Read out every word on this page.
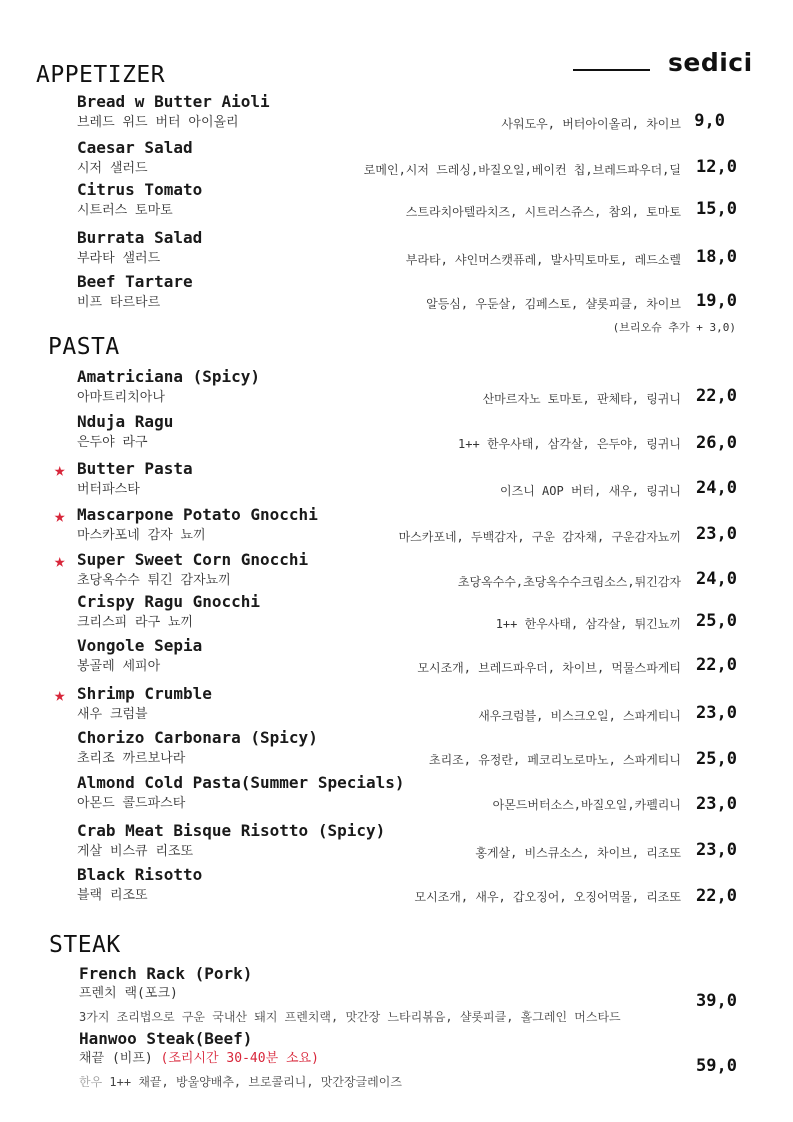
sedici
APPETIZER
Bread w Butter Aioli
브레드 위드 버터 아이올리	사워도우, 버터아이올리, 차이브 9,0
Caesar Salad
시저 샐러드	로메인,시저 드레싱,바질오일,베이컨 칩,브레드파우더,딜 12,0
Citrus Tomato
시트러스 토마토	스트라치아텔라치즈, 시트러스쥬스, 참외, 토마토 15,0
Burrata Salad
부라타 샐러드	부라타, 샤인머스캣퓨레, 발사믹토마토, 레드소렐 18,0
Beef Tartare
비프 타르타르	알등심, 우둔살, 김페스토, 샬롯피클, 차이브 19,0
(브리오슈 추가 + 3,0)
PASTA
Amatriciana (Spicy)
아마트리치아나	산마르자노 토마토, 판체타, 링귀니 22,0
Nduja Ragu
은두야 라구	1++ 한우사태, 삼각살, 은두야, 링귀니 26,0
★ Butter Pasta
버터파스타	이즈니 AOP 버터, 새우, 링귀니 24,0
★ Mascarpone Potato Gnocchi
마스카포네 감자 뇨끼	마스카포네, 두백감자, 구운 감자채, 구운감자뇨끼 23,0
★ Super Sweet Corn Gnocchi
초당옥수수 튀긴 감자뇨끼	초당옥수수,초당옥수수크림소스,튀긴감자 24,0
Crispy Ragu Gnocchi
크리스피 라구 뇨끼	1++ 한우사태, 삼각살, 튀긴뇨끼 25,0
Vongole Sepia
봉골레 세피아	모시조개, 브레드파우더, 차이브, 먹물스파게티 22,0
★ Shrimp Crumble
새우 크럼블	새우크럼블, 비스크오일, 스파게티니 23,0
Chorizo Carbonara (Spicy)
초리조 까르보나라	초리조, 유정란, 페코리노로마노, 스파게티니 25,0
Almond Cold Pasta(Summer Specials)
아몬드 콜드파스타	아몬드버터소스,바질오일,카펠리니 23,0
Crab Meat Bisque Risotto (Spicy)
게살 비스큐 리조또	홍게살, 비스큐소스, 차이브, 리조또 23,0
Black Risotto
블랙 리조또	모시조개, 새우, 갑오징어, 오징어먹물, 리조또 22,0
STEAK
French Rack (Pork)
프렌치 랙(포크)
3가지 조리법으로 구운 국내산 돼지 프렌치랙, 맛간장 느타리볶음, 샬롯피클, 홀그레인 머스타드
39,0
Hanwoo Steak(Beef)
채끝 (비프) (조리시간 30-40분 소요)
한우 1++ 채끝, 방울양배추, 브로콜리니, 맛간장글레이즈
59,0
